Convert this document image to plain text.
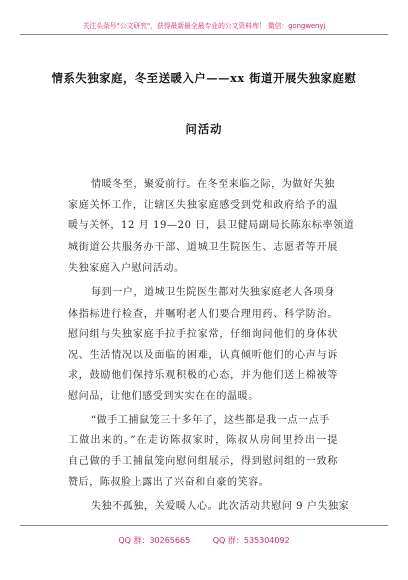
关注头条号"公文研究"，获得最新最全最专业的公文资料库！ 微信：gongwenyj
情系失独家庭，冬至送暖入户——xx 街道开展失独家庭慰
问活动
情暖冬至，聚爱前行。在冬至来临之际，为做好失独
家庭关怀工作，让辖区失独家庭感受到党和政府给予的温
暖与关怀，12 月 19—20 日，县卫健局副局长陈东标率领道
城街道公共服务办干部、道城卫生院医生、志愿者等开展
失独家庭入户慰问活动。
每到一户，道城卫生院医生都对失独家庭老人各项身
体指标进行检查，并嘱咐老人们要合理用药、科学防治。
慰问组与失独家庭手拉手拉家常，仔细询问他们的身体状
况、生活情况以及面临的困难，认真倾听他们的心声与诉
求，鼓励他们保持乐观积极的心态，并为他们送上棉被等
慰问品，让他们感受到实实在在的温暖。
“做手工捕鼠笼三十多年了，这些都是我一点一点手
工做出来的。”在走访陈叔家时，陈叔从房间里拎出一提
自己做的手工捕鼠笼向慰问组展示，得到慰问组的一致称
赞后，陈叔脸上露出了兴奋和自豪的笑容。
失独不孤独，关爱暖人心。此次活动共慰问 9 户失独家
QQ 群：30265665	QQ 群：535304092
